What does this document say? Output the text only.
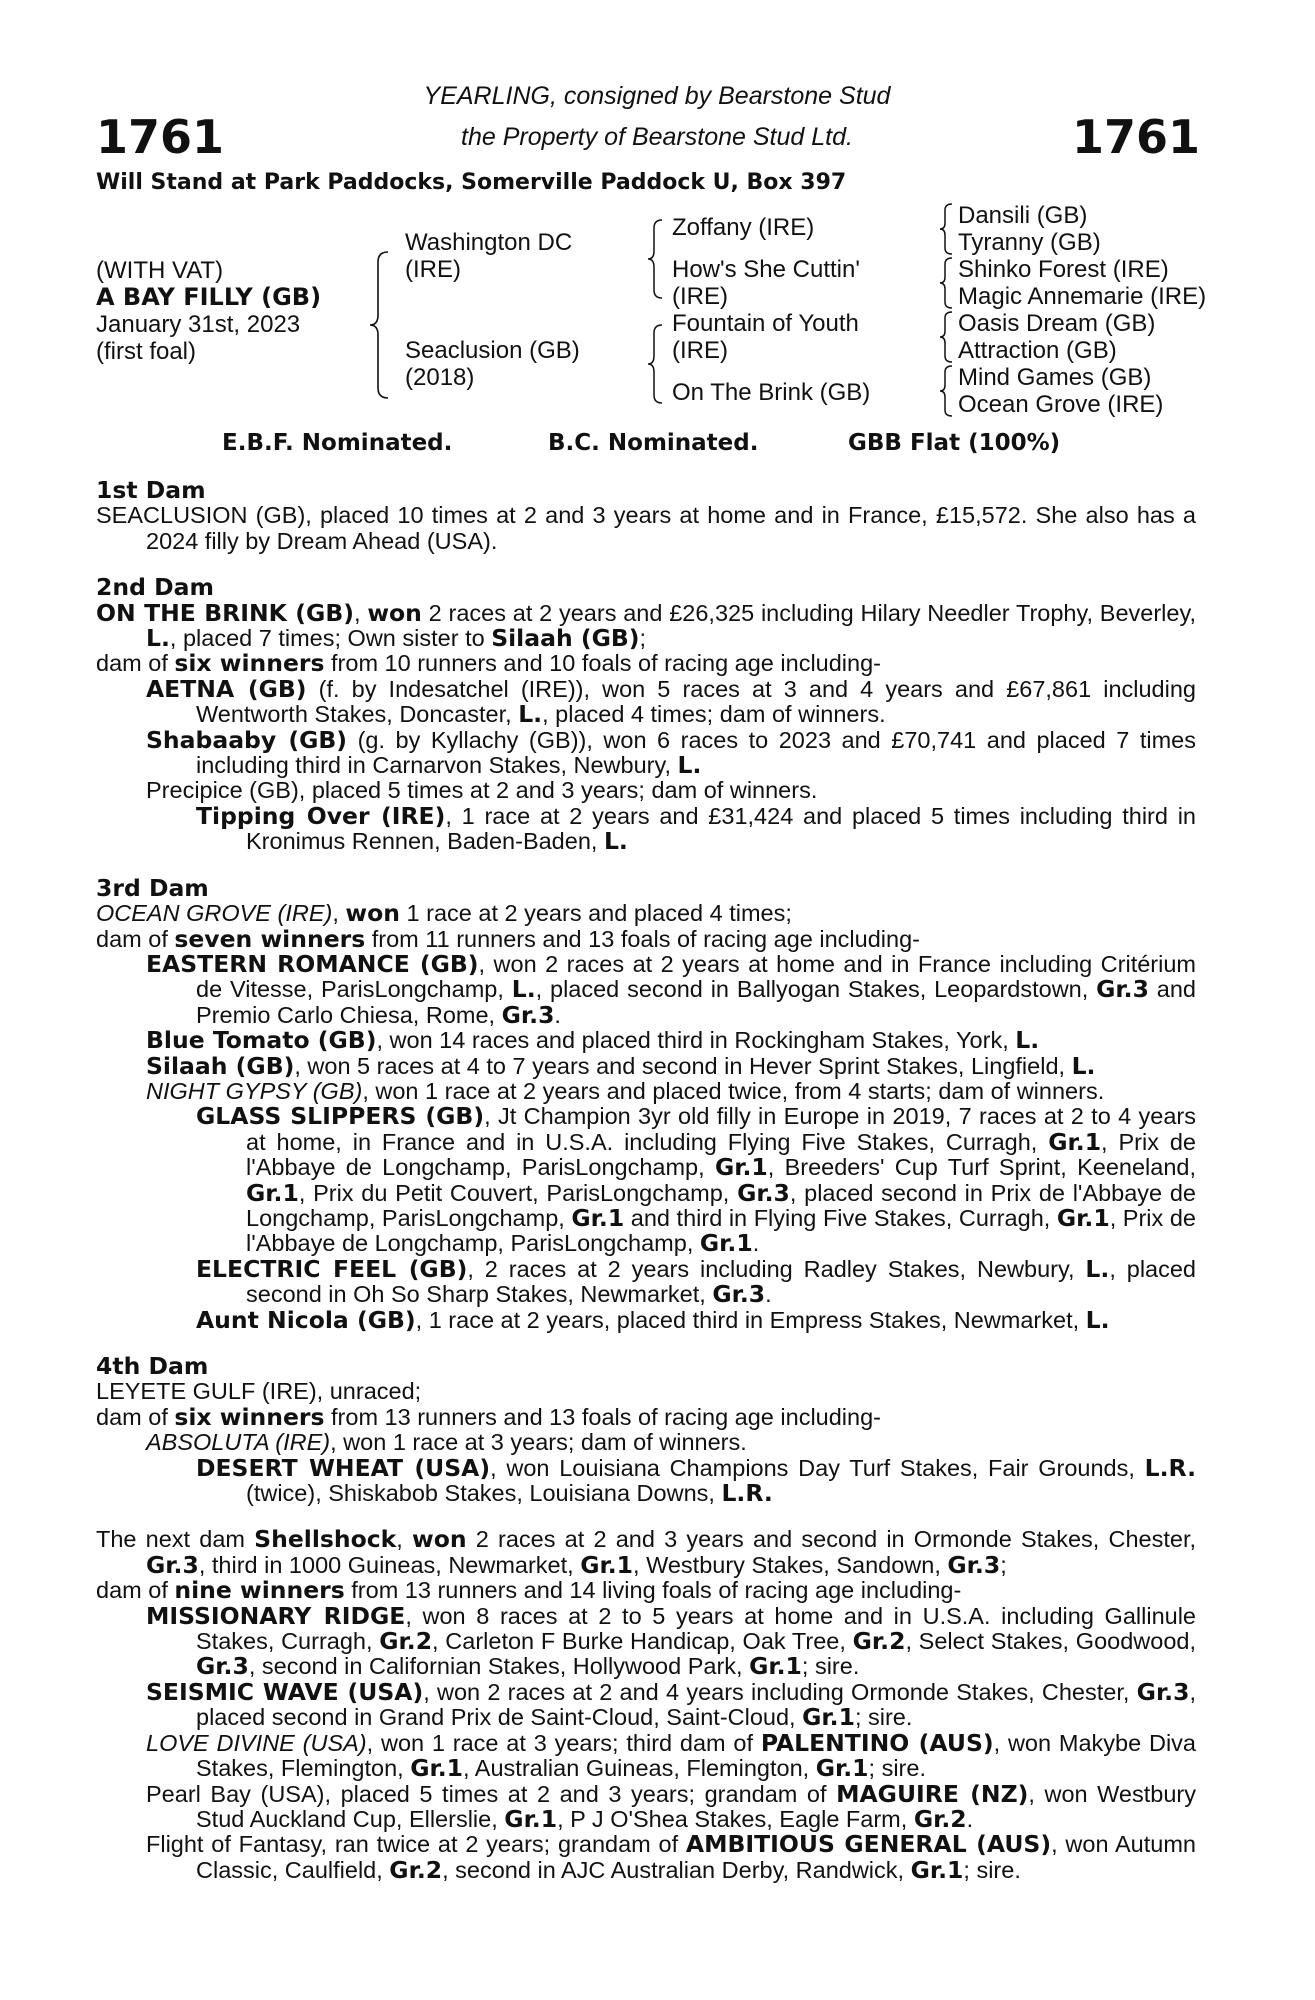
1761	1761
YEARLING, consigned by Bearstone Stud
the Property of Bearstone Stud Ltd.
Will Stand at Park Paddocks, Somerville Paddock U, Box 397
(WITH VAT)
A BAY FILLY (GB)
January 31st, 2023
(first foal)
Washington DC
(IRE)
Seaclusion (GB)
(2018)
Zoffany (IRE)
How's She Cuttin'
(IRE)
Fountain of Youth
(IRE)
On The Brink (GB)
Dansili (GB)
Tyranny (GB)
Shinko Forest (IRE)
Magic Annemarie (IRE)
Oasis Dream (GB)
Attraction (GB)
Mind Games (GB)
Ocean Grove (IRE)
E.B.F. Nominated.	B.C. Nominated.	GBB Flat (100%)
1st Dam
SEACLUSION (GB), placed 10 times at 2 and 3 years at home and in France, £15,572. She also has a 2024 filly by Dream Ahead (USA).
2nd Dam
ON THE BRINK (GB), won 2 races at 2 years and £26,325 including Hilary Needler Trophy, Beverley, L., placed 7 times; Own sister to Silaah (GB);
dam of six winners from 10 runners and 10 foals of racing age including-
AETNA (GB) (f. by Indesatchel (IRE)), won 5 races at 3 and 4 years and £67,861 including Wentworth Stakes, Doncaster, L., placed 4 times; dam of winners.
Shabaaby (GB) (g. by Kyllachy (GB)), won 6 races to 2023 and £70,741 and placed 7 times including third in Carnarvon Stakes, Newbury, L.
Precipice (GB), placed 5 times at 2 and 3 years; dam of winners.
Tipping Over (IRE), 1 race at 2 years and £31,424 and placed 5 times including third in Kronimus Rennen, Baden-Baden, L.
3rd Dam
OCEAN GROVE (IRE), won 1 race at 2 years and placed 4 times;
dam of seven winners from 11 runners and 13 foals of racing age including-
EASTERN ROMANCE (GB), won 2 races at 2 years at home and in France including Critérium de Vitesse, ParisLongchamp, L., placed second in Ballyogan Stakes, Leopardstown, Gr.3 and Premio Carlo Chiesa, Rome, Gr.3.
Blue Tomato (GB), won 14 races and placed third in Rockingham Stakes, York, L.
Silaah (GB), won 5 races at 4 to 7 years and second in Hever Sprint Stakes, Lingfield, L.
NIGHT GYPSY (GB), won 1 race at 2 years and placed twice, from 4 starts; dam of winners.
GLASS SLIPPERS (GB), Jt Champion 3yr old filly in Europe in 2019, 7 races at 2 to 4 years at home, in France and in U.S.A. including Flying Five Stakes, Curragh, Gr.1, Prix de l'Abbaye de Longchamp, ParisLongchamp, Gr.1, Breeders' Cup Turf Sprint, Keeneland, Gr.1, Prix du Petit Couvert, ParisLongchamp, Gr.3, placed second in Prix de l'Abbaye de Longchamp, ParisLongchamp, Gr.1 and third in Flying Five Stakes, Curragh, Gr.1, Prix de l'Abbaye de Longchamp, ParisLongchamp, Gr.1.
ELECTRIC FEEL (GB), 2 races at 2 years including Radley Stakes, Newbury, L., placed second in Oh So Sharp Stakes, Newmarket, Gr.3.
Aunt Nicola (GB), 1 race at 2 years, placed third in Empress Stakes, Newmarket, L.
4th Dam
LEYETE GULF (IRE), unraced;
dam of six winners from 13 runners and 13 foals of racing age including-
ABSOLUTA (IRE), won 1 race at 3 years; dam of winners.
DESERT WHEAT (USA), won Louisiana Champions Day Turf Stakes, Fair Grounds, L.R. (twice), Shiskabob Stakes, Louisiana Downs, L.R.
The next dam Shellshock, won 2 races at 2 and 3 years and second in Ormonde Stakes, Chester, Gr.3, third in 1000 Guineas, Newmarket, Gr.1, Westbury Stakes, Sandown, Gr.3;
dam of nine winners from 13 runners and 14 living foals of racing age including-
MISSIONARY RIDGE, won 8 races at 2 to 5 years at home and in U.S.A. including Gallinule Stakes, Curragh, Gr.2, Carleton F Burke Handicap, Oak Tree, Gr.2, Select Stakes, Goodwood, Gr.3, second in Californian Stakes, Hollywood Park, Gr.1; sire.
SEISMIC WAVE (USA), won 2 races at 2 and 4 years including Ormonde Stakes, Chester, Gr.3, placed second in Grand Prix de Saint-Cloud, Saint-Cloud, Gr.1; sire.
LOVE DIVINE (USA), won 1 race at 3 years; third dam of PALENTINO (AUS), won Makybe Diva Stakes, Flemington, Gr.1, Australian Guineas, Flemington, Gr.1; sire.
Pearl Bay (USA), placed 5 times at 2 and 3 years; grandam of MAGUIRE (NZ), won Westbury Stud Auckland Cup, Ellerslie, Gr.1, P J O'Shea Stakes, Eagle Farm, Gr.2.
Flight of Fantasy, ran twice at 2 years; grandam of AMBITIOUS GENERAL (AUS), won Autumn Classic, Caulfield, Gr.2, second in AJC Australian Derby, Randwick, Gr.1; sire.
